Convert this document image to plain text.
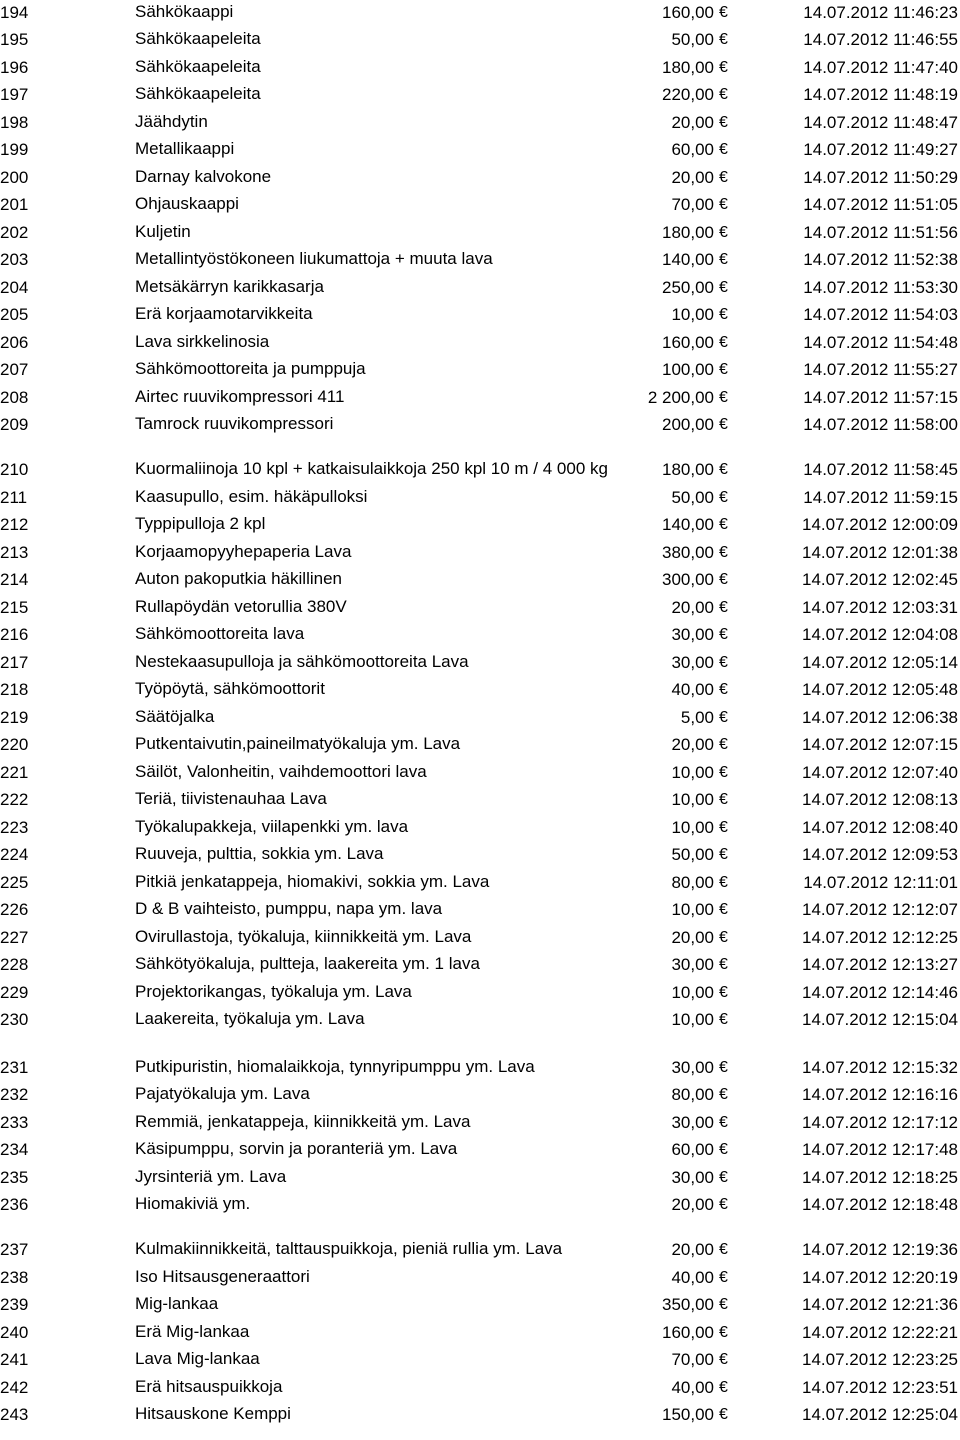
194	Sähkökaappi	160,00 €	14.07.2012 11:46:23
195	Sähkökaapeleita	50,00 €	14.07.2012 11:46:55
196	Sähkökaapeleita	180,00 €	14.07.2012 11:47:40
197	Sähkökaapeleita	220,00 €	14.07.2012 11:48:19
198	Jäähdytin	20,00 €	14.07.2012 11:48:47
199	Metallikaappi	60,00 €	14.07.2012 11:49:27
200	Darnay kalvokone	20,00 €	14.07.2012 11:50:29
201	Ohjauskaappi	70,00 €	14.07.2012 11:51:05
202	Kuljetin	180,00 €	14.07.2012 11:51:56
203	Metallintyöstökoneen liukumattoja + muuta lava	140,00 €	14.07.2012 11:52:38
204	Metsäkärryn karikkasarja	250,00 €	14.07.2012 11:53:30
205	Erä korjaamotarvikkeita	10,00 €	14.07.2012 11:54:03
206	Lava sirkkelinosia	160,00 €	14.07.2012 11:54:48
207	Sähkömoottoreita ja pumppuja	100,00 €	14.07.2012 11:55:27
208	Airtec ruuvikompressori 411	2 200,00 €	14.07.2012 11:57:15
209	Tamrock ruuvikompressori	200,00 €	14.07.2012 11:58:00
210	Kuormaliinoja 10 kpl + katkaisulaikkoja 250 kpl 10 m / 4 000 kg	180,00 €	14.07.2012 11:58:45
211	Kaasupullo, esim. häkäpulloksi	50,00 €	14.07.2012 11:59:15
212	Typpipulloja 2 kpl	140,00 €	14.07.2012 12:00:09
213	Korjaamopyyhepaperia Lava	380,00 €	14.07.2012 12:01:38
214	Auton pakoputkia häkillinen	300,00 €	14.07.2012 12:02:45
215	Rullapöydän vetorullia 380V	20,00 €	14.07.2012 12:03:31
216	Sähkömoottoreita lava	30,00 €	14.07.2012 12:04:08
217	Nestekaasupulloja ja sähkömoottoreita Lava	30,00 €	14.07.2012 12:05:14
218	Työpöytä, sähkömoottorit	40,00 €	14.07.2012 12:05:48
219	Säätöjalka	5,00 €	14.07.2012 12:06:38
220	Putkentaivutin,paineilmatyökaluja ym. Lava	20,00 €	14.07.2012 12:07:15
221	Säilöt, Valonheitin, vaihdemoottori lava	10,00 €	14.07.2012 12:07:40
222	Teriä, tiivistenauhaa Lava	10,00 €	14.07.2012 12:08:13
223	Työkalupakkeja, viilapenkki ym. lava	10,00 €	14.07.2012 12:08:40
224	Ruuveja, pulttia, sokkia ym. Lava	50,00 €	14.07.2012 12:09:53
225	Pitkiä jenkatappeja, hiomakivi, sokkia ym. Lava	80,00 €	14.07.2012 12:11:01
226	D & B vaihteisto, pumppu, napa ym. lava	10,00 €	14.07.2012 12:12:07
227	Ovirullastoja, työkaluja, kiinnikkeitä ym. Lava	20,00 €	14.07.2012 12:12:25
228	Sähkötyökaluja, pultteja, laakereita ym. 1 lava	30,00 €	14.07.2012 12:13:27
229	Projektorikangas, työkaluja ym. Lava	10,00 €	14.07.2012 12:14:46
230	Laakereita, työkaluja ym. Lava	10,00 €	14.07.2012 12:15:04
231	Putkipuristin, hiomalaikkoja, tynnyripumppu ym. Lava	30,00 €	14.07.2012 12:15:32
232	Pajatyökaluja ym. Lava	80,00 €	14.07.2012 12:16:16
233	Remmiä, jenkatappeja, kiinnikkeitä ym. Lava	30,00 €	14.07.2012 12:17:12
234	Käsipumppu, sorvin ja poranteriä ym. Lava	60,00 €	14.07.2012 12:17:48
235	Jyrsinteriä ym. Lava	30,00 €	14.07.2012 12:18:25
236	Hiomakiviä ym.	20,00 €	14.07.2012 12:18:48
237	Kulmakiinnikkeitä, talttauspuikkoja, pieniä rullia ym. Lava	20,00 €	14.07.2012 12:19:36
238	Iso Hitsausgeneraattori	40,00 €	14.07.2012 12:20:19
239	Mig-lankaa	350,00 €	14.07.2012 12:21:36
240	Erä Mig-lankaa	160,00 €	14.07.2012 12:22:21
241	Lava Mig-lankaa	70,00 €	14.07.2012 12:23:25
242	Erä hitsauspuikkoja	40,00 €	14.07.2012 12:23:51
243	Hitsauskone Kemppi	150,00 €	14.07.2012 12:25:04
